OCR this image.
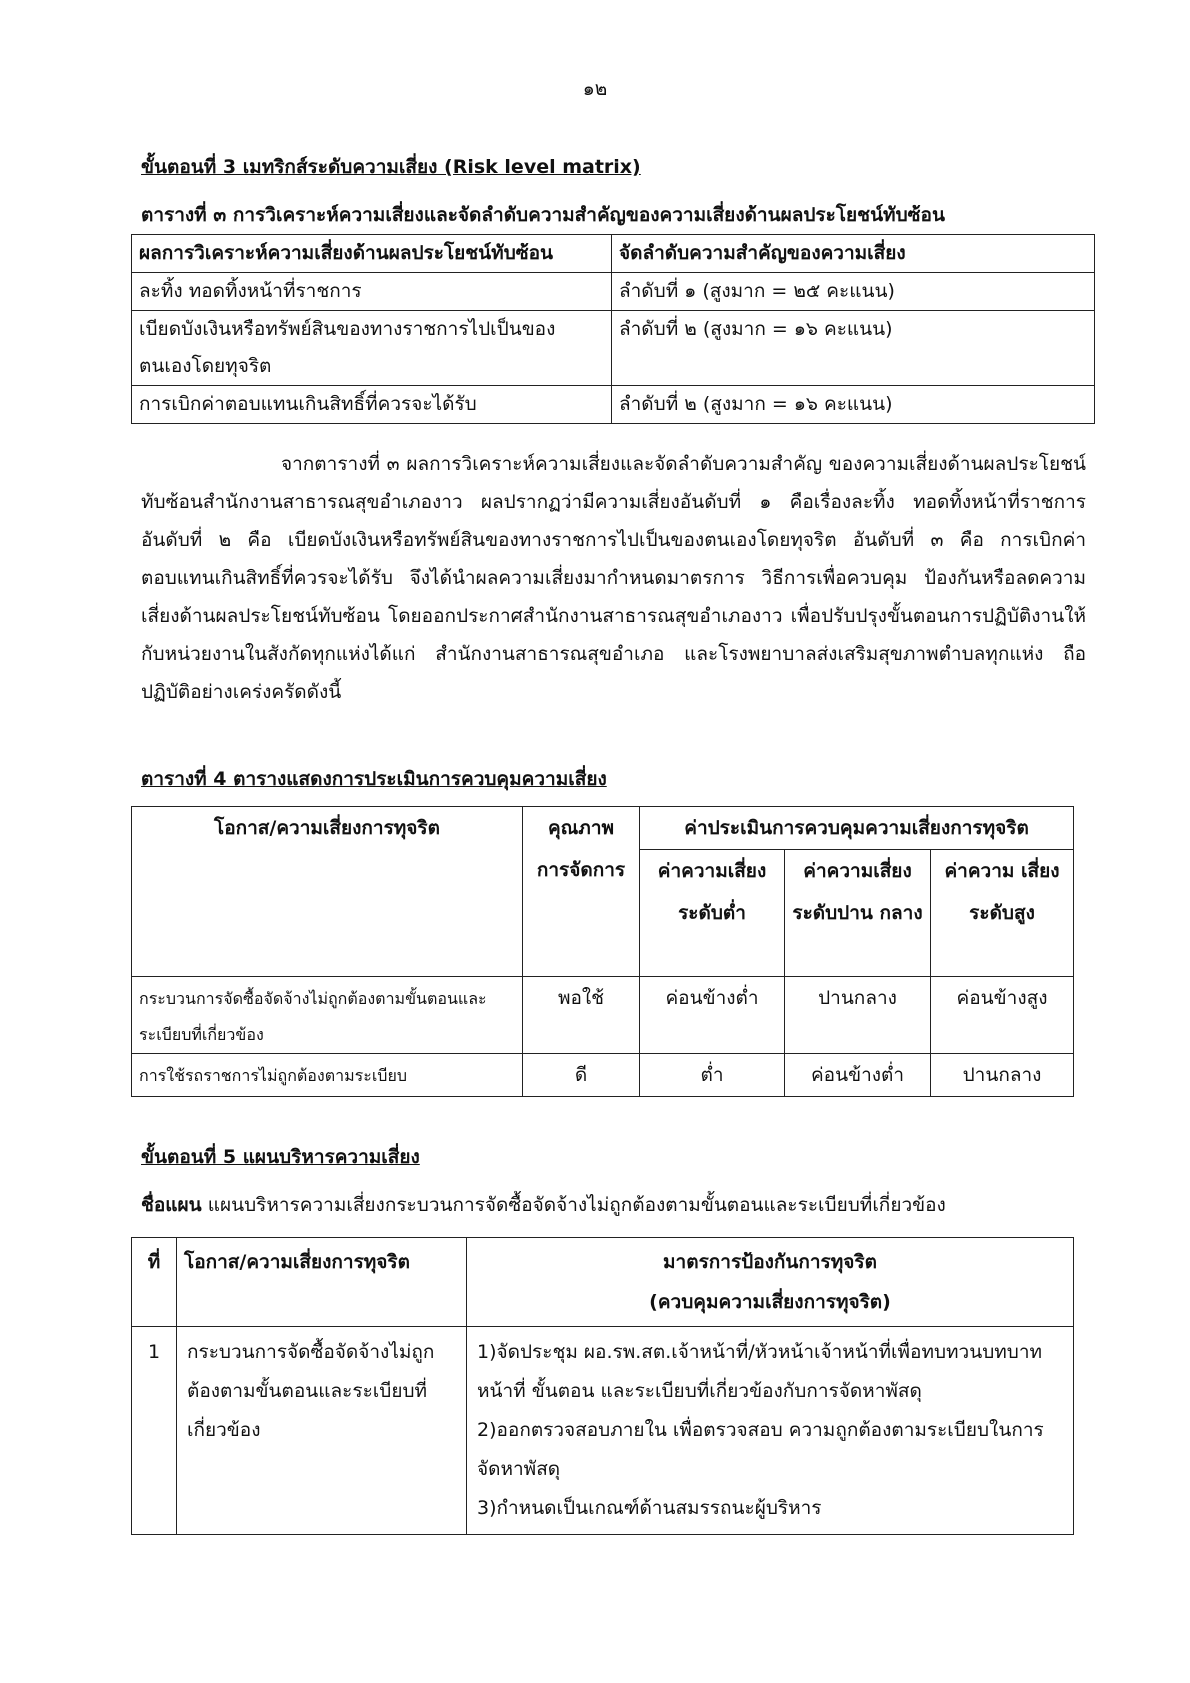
๑๒
ขั้นตอนที่ 3 เมทริกส์ระดับความเสี่ยง (Risk level matrix)
ตารางที่ ๓ การวิเคราะห์ความเสี่ยงและจัดลำดับความสำคัญของความเสี่ยงด้านผลประโยชน์ทับซ้อน
ผลการวิเคราะห์ความเสี่ยงด้านผลประโยชน์ทับซ้อน	จัดลำดับความสำคัญของความเสี่ยง
ละทิ้ง ทอดทิ้งหน้าที่ราชการ	ลำดับที่ ๑ (สูงมาก = ๒๕ คะแนน)
เบียดบังเงินหรือทรัพย์สินของทางราชการไปเป็นของตนเองโดยทุจริต	ลำดับที่ ๒ (สูงมาก = ๑๖ คะแนน)
การเบิกค่าตอบแทนเกินสิทธิ์ที่ควรจะได้รับ	ลำดับที่ ๒ (สูงมาก = ๑๖ คะแนน)
จากตารางที่ ๓ ผลการวิเคราะห์ความเสี่ยงและจัดลำดับความสำคัญ ของความเสี่ยงด้านผลประโยชน์ทับซ้อนสำนักงานสาธารณสุขอำเภองาว ผลปรากฏว่ามีความเสี่ยงอันดับที่ ๑ คือเรื่องละทิ้ง ทอดทิ้งหน้าที่ราชการ อันดับที่ ๒ คือ เบียดบังเงินหรือทรัพย์สินของทางราชการไปเป็นของตนเองโดยทุจริต อันดับที่ ๓ คือ การเบิกค่าตอบแทนเกินสิทธิ์ที่ควรจะได้รับ จึงได้นำผลความเสี่ยงมากำหนดมาตรการ วิธีการเพื่อควบคุม ป้องกันหรือลดความเสี่ยงด้านผลประโยชน์ทับซ้อน โดยออกประกาศสำนักงานสาธารณสุขอำเภองาว เพื่อปรับปรุงขั้นตอนการปฏิบัติงานให้กับหน่วยงานในสังกัดทุกแห่งได้แก่ สำนักงานสาธารณสุขอำเภอ และโรงพยาบาลส่งเสริมสุขภาพตำบลทุกแห่ง ถือปฏิบัติอย่างเคร่งครัดดังนี้
ตารางที่ 4 ตารางแสดงการประเมินการควบคุมความเสี่ยง
โอกาส/ความเสี่ยงการทุจริต	คุณภาพ การจัดการ	ค่าประเมินการควบคุมความเสี่ยงการทุจริต		
		ค่าความเสี่ยง ระดับต่ำ	ค่าความเสี่ยง ระดับปาน กลาง	ค่าความ เสี่ยง ระดับสูง
กระบวนการจัดซื้อจัดจ้างไม่ถูกต้องตามขั้นตอนและระเบียบที่เกี่ยวข้อง	พอใช้	ค่อนข้างต่ำ	ปานกลาง	ค่อนข้างสูง
การใช้รถราชการไม่ถูกต้องตามระเบียบ	ดี	ต่ำ	ค่อนข้างต่ำ	ปานกลาง
ขั้นตอนที่ 5 แผนบริหารความเสี่ยง
ชื่อแผน แผนบริหารความเสี่ยงกระบวนการจัดซื้อจัดจ้างไม่ถูกต้องตามขั้นตอนและระเบียบที่เกี่ยวข้อง
ที่	โอกาส/ความเสี่ยงการทุจริต	มาตรการป้องกันการทุจริต
(ควบคุมความเสี่ยงการทุจริต)

1	กระบวนการจัดซื้อจัดจ้างไม่ถูกต้องตามขั้นตอนและระเบียบที่เกี่ยวข้อง	1)จัดประชุม ผอ.รพ.สต.เจ้าหน้าที่/หัวหน้าเจ้าหน้าที่เพื่อทบทวนบทบาทหน้าที่ ขั้นตอน และระเบียบที่เกี่ยวข้องกับการจัดหาพัสดุ
2)ออกตรวจสอบภายใน เพื่อตรวจสอบ ความถูกต้องตามระเบียบในการจัดหาพัสดุ
3)กำหนดเป็นเกณฑ์ด้านสมรรถนะผู้บริหาร
